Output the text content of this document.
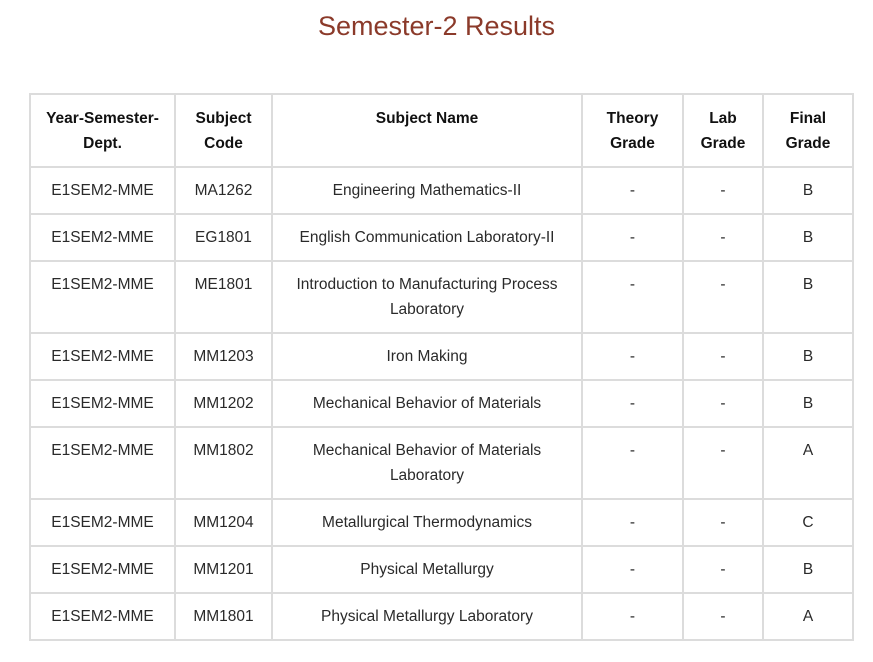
Semester-2 Results
Year-Semester-Dept.	Subject Code	Subject Name	Theory Grade	Lab Grade	Final Grade
E1SEM2-MME	MA1262	Engineering Mathematics-II	-	-	B
E1SEM2-MME	EG1801	English Communication Laboratory-II	-	-	B
E1SEM2-MME	ME1801	Introduction to Manufacturing Process Laboratory	-	-	B
E1SEM2-MME	MM1203	Iron Making	-	-	B
E1SEM2-MME	MM1202	Mechanical Behavior of Materials	-	-	B
E1SEM2-MME	MM1802	Mechanical Behavior of Materials Laboratory	-	-	A
E1SEM2-MME	MM1204	Metallurgical Thermodynamics	-	-	C
E1SEM2-MME	MM1201	Physical Metallurgy	-	-	B
E1SEM2-MME	MM1801	Physical Metallurgy Laboratory	-	-	A
